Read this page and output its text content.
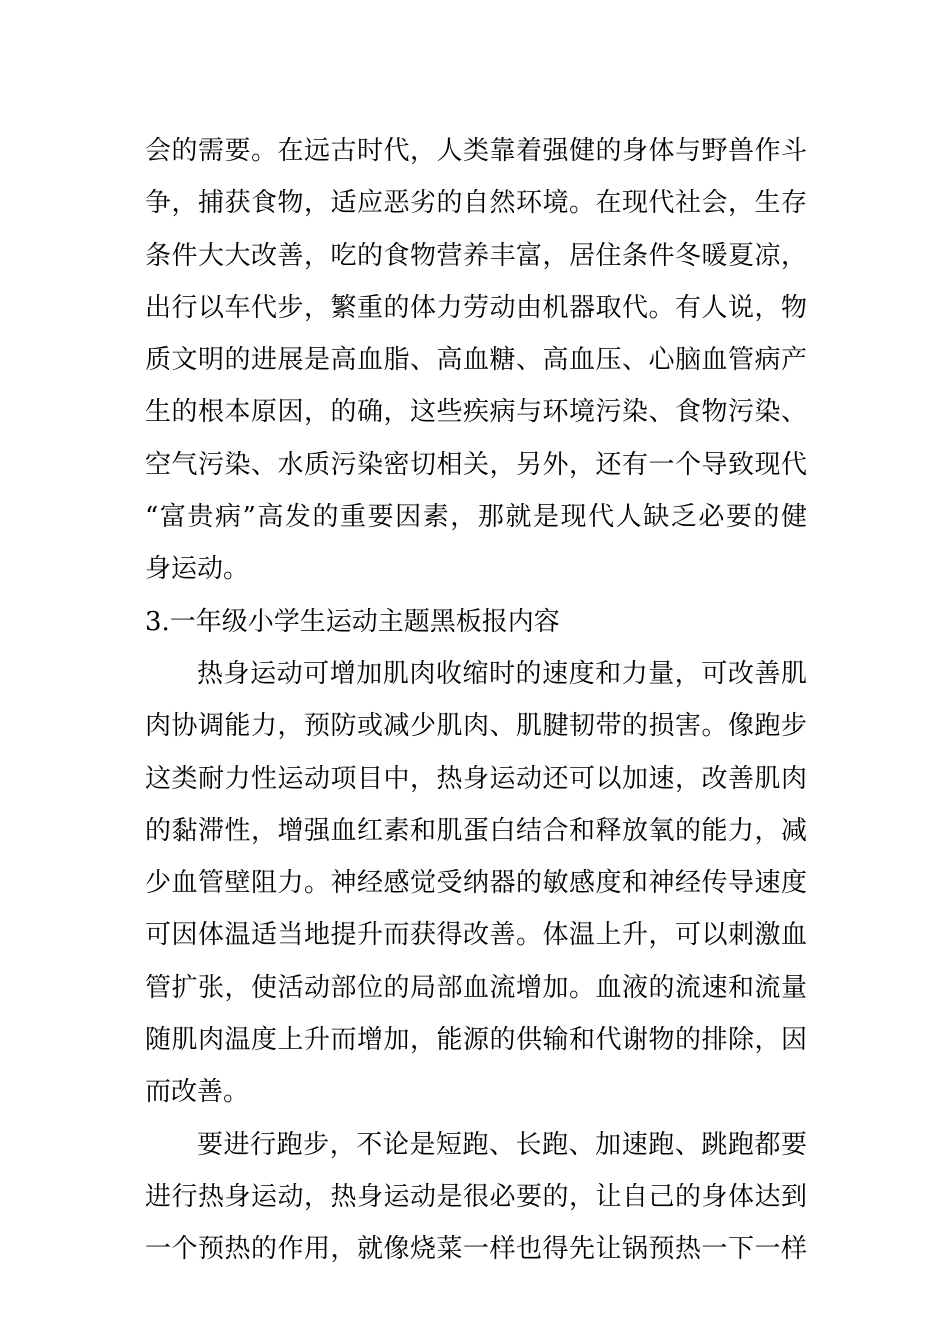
会的需要。在远古时代，人类靠着强健的身体与野兽作斗
争，捕获食物，适应恶劣的自然环境。在现代社会，生存
条件大大改善，吃的食物营养丰富，居住条件冬暖夏凉，
出行以车代步，繁重的体力劳动由机器取代。有人说，物
质文明的进展是高血脂、高血糖、高血压、心脑血管病产
生的根本原因，的确，这些疾病与环境污染、食物污染、
空气污染、水质污染密切相关，另外，还有一个导致现代
“富贵病”高发的重要因素，那就是现代人缺乏必要的健
身运动。
3.一年级小学生运动主题黑板报内容
热身运动可增加肌肉收缩时的速度和力量，可改善肌
肉协调能力，预防或减少肌肉、肌腱韧带的损害。像跑步
这类耐力性运动项目中，热身运动还可以加速，改善肌肉
的黏滞性，增强血红素和肌蛋白结合和释放氧的能力，减
少血管壁阻力。神经感觉受纳器的敏感度和神经传导速度
可因体温适当地提升而获得改善。体温上升，可以刺激血
管扩张，使活动部位的局部血流增加。血液的流速和流量
随肌肉温度上升而增加，能源的供输和代谢物的排除，因
而改善。
要进行跑步，不论是短跑、长跑、加速跑、跳跑都要
进行热身运动，热身运动是很必要的，让自己的身体达到
一个预热的作用，就像烧菜一样也得先让锅预热一下一样
